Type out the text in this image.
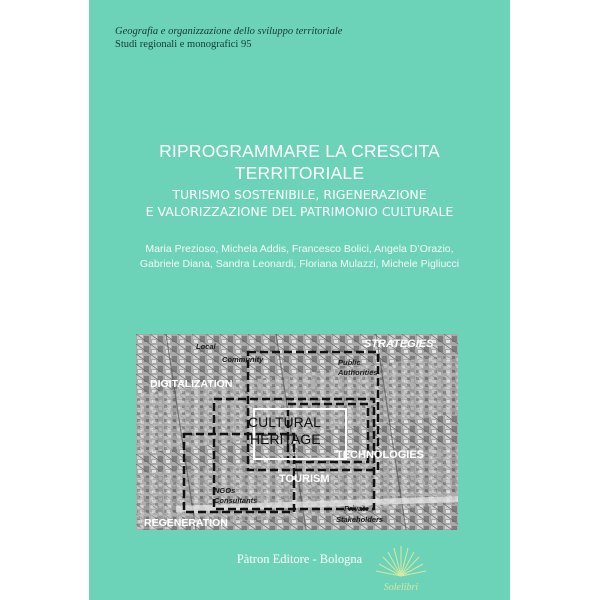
Geografia e organizzazione dello sviluppo territoriale
Studi regionali e monografici 95
RIPROGRAMMARE LA CRESCITA
TERRITORIALE
TURISMO SOSTENIBILE, RIGENERAZIONE
E VALORIZZAZIONE DEL PATRIMONIO CULTURALE
Maria Prezioso, Michela Addis, Francesco Bolici, Angela D’Orazio,
Gabriele Diana, Sandra Leonardi, Floriana Mulazzi, Michele Pigliucci
STRATEGIES
Local
Community	Public
Authorities
DIGITALIZATION
CULTURAL
HERITAGE
TECHNOLOGIES
TOURISM
NGOs
Consultants
Private
Stakeholders
REGENERATION
Pàtron Editore - Bologna
Solelibri
